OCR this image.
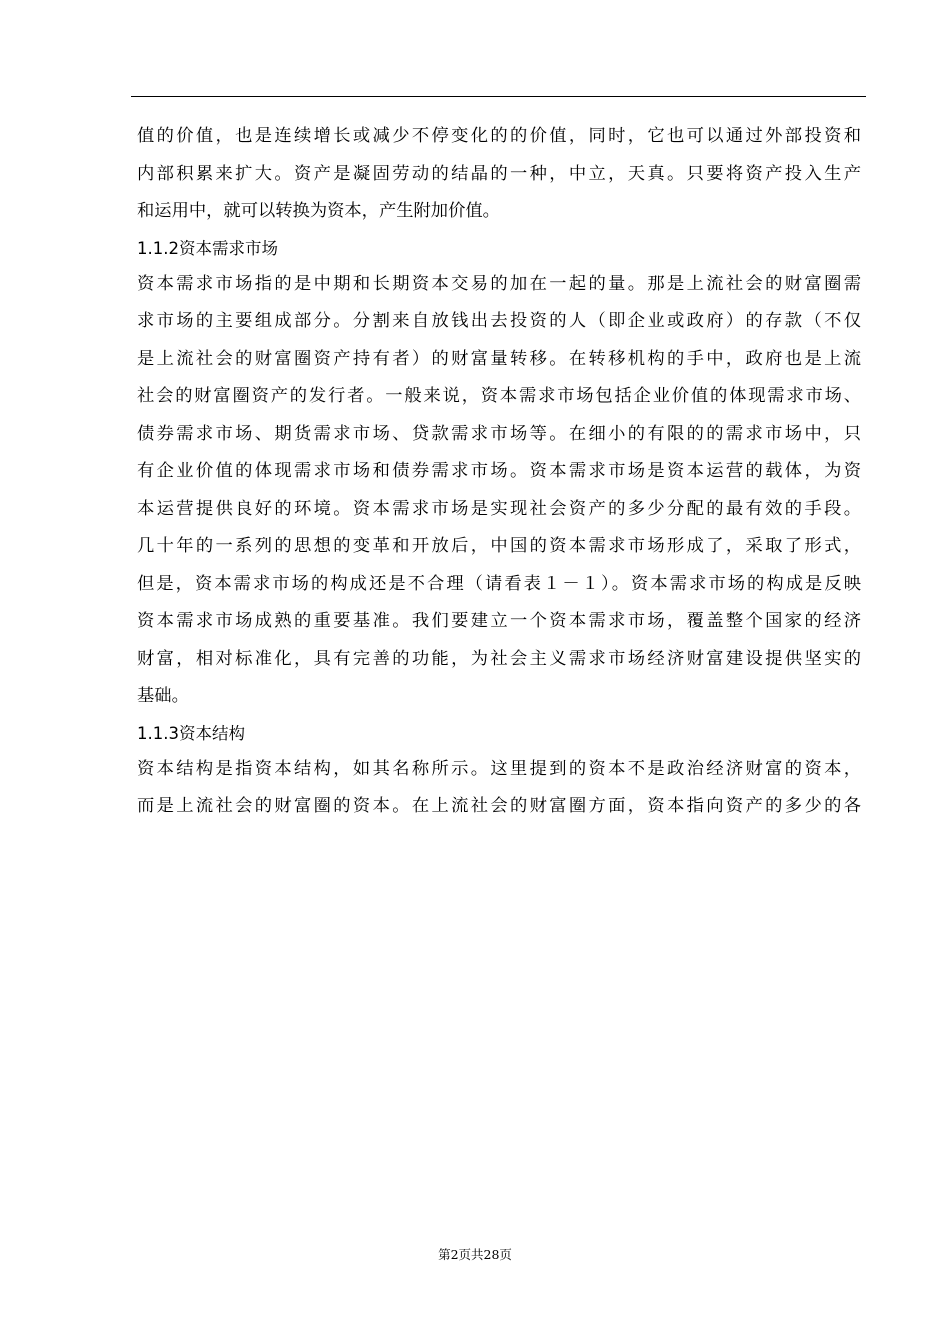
值的价值，也是连续增长或减少不停变化的的价值，同时，它也可以通过外部投资和
内部积累来扩大。资产是凝固劳动的结晶的一种，中立，天真。只要将资产投入生产
和运用中，就可以转换为资本，产生附加价值。
1.1.2资本需求市场
资本需求市场指的是中期和长期资本交易的加在一起的量。那是上流社会的财富圈需
求市场的主要组成部分。分割来自放钱出去投资的人（即企业或政府）的存款（不仅
是上流社会的财富圈资产持有者）的财富量转移。在转移机构的手中，政府也是上流
社会的财富圈资产的发行者。一般来说，资本需求市场包括企业价值的体现需求市场、
债券需求市场、期货需求市场、贷款需求市场等。在细小的有限的的需求市场中，只
有企业价值的体现需求市场和债券需求市场。资本需求市场是资本运营的载体，为资
本运营提供良好的环境。资本需求市场是实现社会资产的多少分配的最有效的手段。
几十年的一系列的思想的变革和开放后，中国的资本需求市场形成了，采取了形式，
但是，资本需求市场的构成还是不合理（请看表１－１）。资本需求市场的构成是反映
资本需求市场成熟的重要基准。我们要建立一个资本需求市场，覆盖整个国家的经济
财富，相对标准化，具有完善的功能，为社会主义需求市场经济财富建设提供坚实的
基础。
1.1.3资本结构
资本结构是指资本结构，如其名称所示。这里提到的资本不是政治经济财富的资本，
而是上流社会的财富圈的资本。在上流社会的财富圈方面，资本指向资产的多少的各
第2页共28页
